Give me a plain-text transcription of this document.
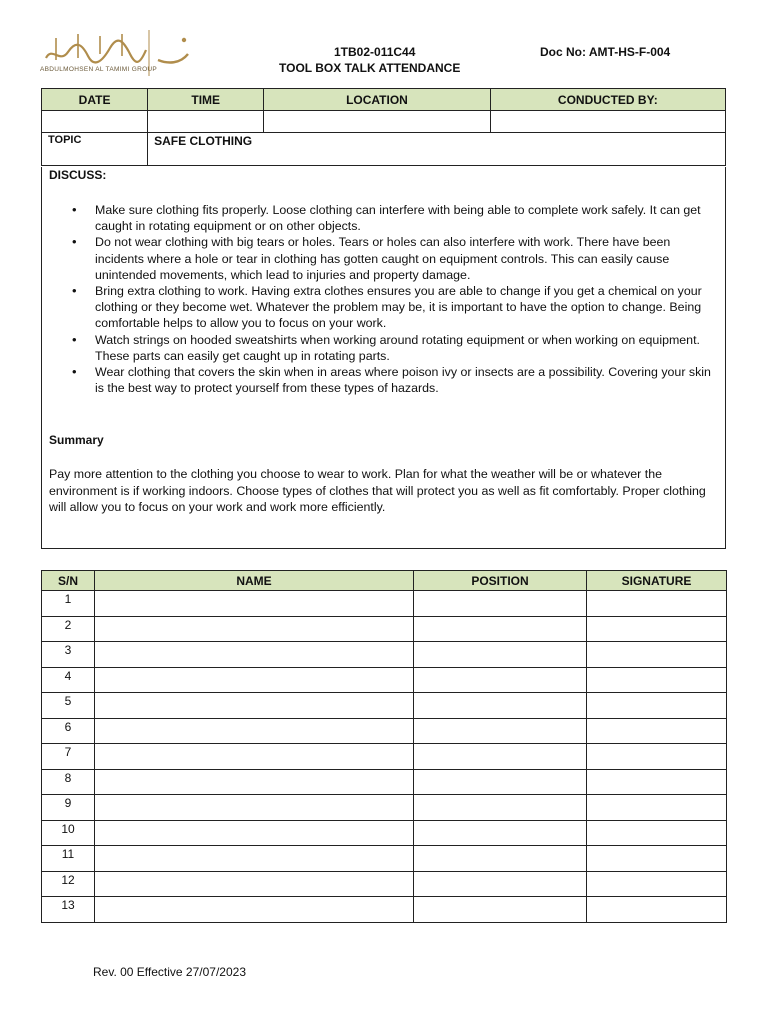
ABDULMOHSEN AL TAMIMI GROUP
1TB02-011C44
TOOL BOX TALK ATTENDANCE
Doc No: AMT-HS-F-004
DATE	TIME	LOCATION	CONDUCTED BY:

TOPIC	SAFE CLOTHING		
DISCUSS:
• Make sure clothing fits properly. Loose clothing can interfere with being able to complete work safely. It can get caught in rotating equipment or on other objects.
• Do not wear clothing with big tears or holes. Tears or holes can also interfere with work. There have been incidents where a hole or tear in clothing has gotten caught on equipment controls. This can easily cause unintended movements, which lead to injuries and property damage.
• Bring extra clothing to work. Having extra clothes ensures you are able to change if you get a chemical on your clothing or they become wet. Whatever the problem may be, it is important to have the option to change. Being comfortable helps to allow you to focus on your work.
• Watch strings on hooded sweatshirts when working around rotating equipment or when working on equipment. These parts can easily get caught up in rotating parts.
• Wear clothing that covers the skin when in areas where poison ivy or insects are a possibility. Covering your skin is the best way to protect yourself from these types of hazards.
Summary
Pay more attention to the clothing you choose to wear to work. Plan for what the weather will be or whatever the environment is if working indoors. Choose types of clothes that will protect you as well as fit comfortably. Proper clothing will allow you to focus on your work and work more efficiently.
S/N	NAME	POSITION	SIGNATURE
1			
2			
3			
4			
5			
6			
7			
8			
9			
10			
11			
12			
13			
Rev. 00 Effective 27/07/2023
